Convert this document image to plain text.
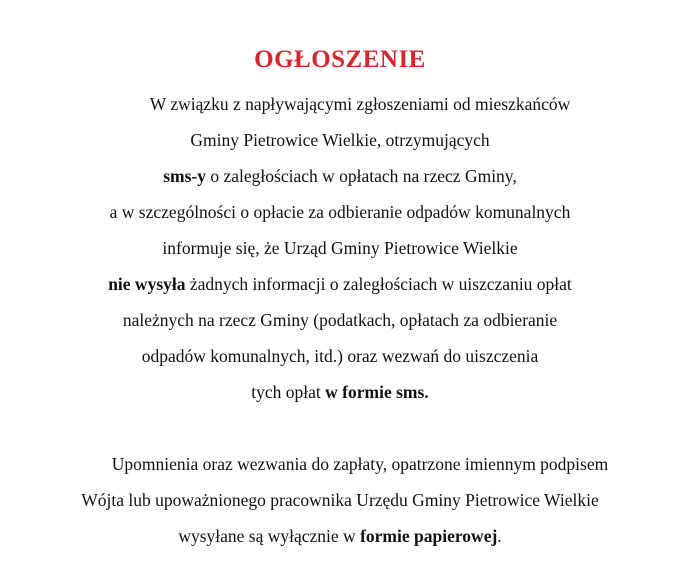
OGŁOSZENIE
W związku z napływającymi zgłoszeniami od mieszkańców
Gminy Pietrowice Wielkie, otrzymujących
sms-y o zaległościach w opłatach na rzecz Gminy,
a w szczególności o opłacie za odbieranie odpadów komunalnych
informuje się, że Urząd Gminy Pietrowice Wielkie
nie wysyła żadnych informacji o zaległościach w uiszczaniu opłat
należnych na rzecz Gminy (podatkach, opłatach za odbieranie
odpadów komunalnych, itd.) oraz wezwań do uiszczenia
tych opłat w formie sms.
Upomnienia oraz wezwania do zapłaty, opatrzone imiennym podpisem
Wójta lub upoważnionego pracownika Urzędu Gminy Pietrowice Wielkie
wysyłane są wyłącznie w formie papierowej.
